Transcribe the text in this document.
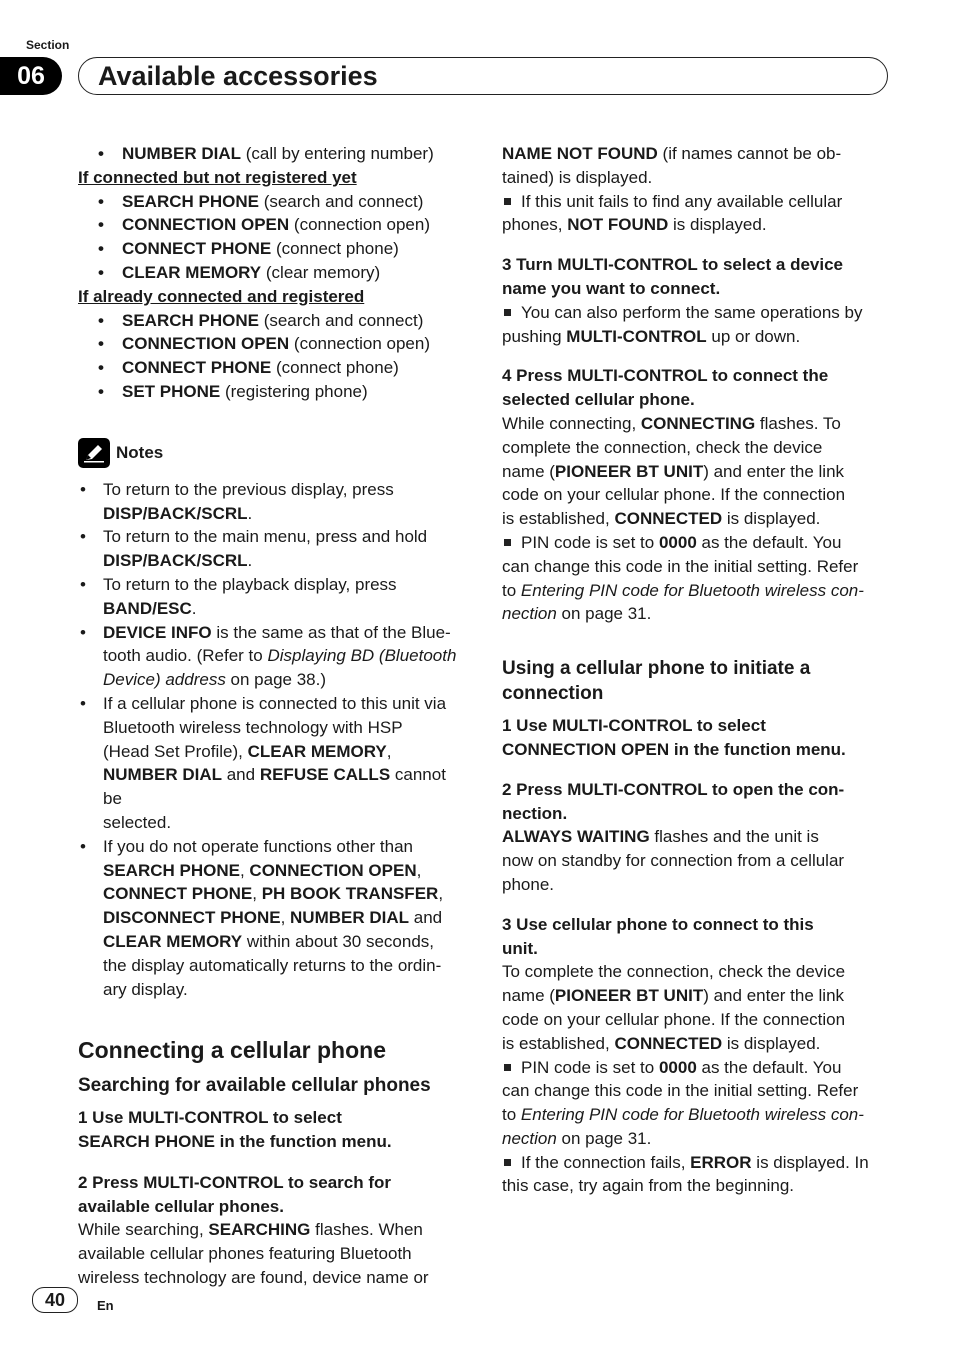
Section
06	Available accessories

• NUMBER DIAL (call by entering number)

If connected but not registered yet

• SEARCH PHONE (search and connect)

• CONNECTION OPEN (connection open)

• CONNECT PHONE (connect phone)

• CLEAR MEMORY (clear memory)

If already connected and registered

• SEARCH PHONE (search and connect)

• CONNECTION OPEN (connection open)

• CONNECT PHONE (connect phone)

• SET PHONE (registering phone)

Notes

• To return to the previous display, press
DISP/BACK/SCRL.

• To return to the main menu, press and hold
DISP/BACK/SCRL.

• To return to the playback display, press
BAND/ESC.

• DEVICE INFO is the same as that of the Blue-
tooth audio. (Refer to Displaying BD (Bluetooth
Device) address on page 38.)

• If a cellular phone is connected to this unit via
Bluetooth wireless technology with HSP
(Head Set Profile), CLEAR MEMORY,
NUMBER DIAL and REFUSE CALLS cannot be
selected.

• If you do not operate functions other than
SEARCH PHONE, CONNECTION OPEN,
CONNECT PHONE, PH BOOK TRANSFER,
DISCONNECT PHONE, NUMBER DIAL and
CLEAR MEMORY within about 30 seconds,
the display automatically returns to the ordin-
ary display.

Connecting a cellular phone

Searching for available cellular phones

1 Use MULTI-CONTROL to select
SEARCH PHONE in the function menu.

2 Press MULTI-CONTROL to search for
available cellular phones.

While searching, SEARCHING flashes. When
available cellular phones featuring Bluetooth
wireless technology are found, device name or

NAME NOT FOUND (if names cannot be ob-
tained) is displayed.

If this unit fails to find any available cellular
phones, NOT FOUND is displayed.

3 Turn MULTI-CONTROL to select a device
name you want to connect.

You can also perform the same operations by
pushing MULTI-CONTROL up or down.

4 Press MULTI-CONTROL to connect the
selected cellular phone.

While connecting, CONNECTING flashes. To
complete the connection, check the device
name (PIONEER BT UNIT) and enter the link
code on your cellular phone. If the connection
is established, CONNECTED is displayed.

PIN code is set to 0000 as the default. You
can change this code in the initial setting. Refer
to Entering PIN code for Bluetooth wireless con-
nection on page 31.

Using a cellular phone to initiate a connection

1 Use MULTI-CONTROL to select
CONNECTION OPEN in the function menu.

2 Press MULTI-CONTROL to open the con-
nection.

ALWAYS WAITING flashes and the unit is
now on standby for connection from a cellular
phone.

3 Use cellular phone to connect to this
unit.

To complete the connection, check the device
name (PIONEER BT UNIT) and enter the link
code on your cellular phone. If the connection
is established, CONNECTED is displayed.

PIN code is set to 0000 as the default. You
can change this code in the initial setting. Refer
to Entering PIN code for Bluetooth wireless con-
nection on page 31.

If the connection fails, ERROR is displayed. In
this case, try again from the beginning.

40	En
